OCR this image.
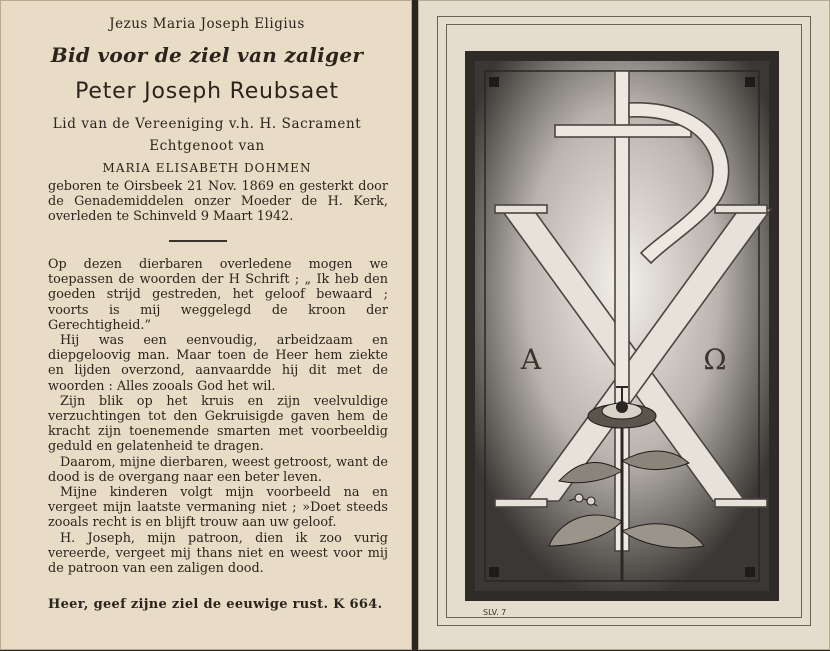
Jezus Maria Joseph Eligius
Bid voor de ziel van zaliger
Peter Joseph Reubsaet
Lid van de Vereeniging v.h. H. Sacrament
Echtgenoot van
MARIA ELISABETH DOHMEN
geboren te Oirsbeek 21 Nov. 1869 en gesterkt door de Genademiddelen onzer Moeder de H. Kerk, overleden te Schinveld 9 Maart 1942.

Op dezen dierbaren overledene mogen we toepassen de woorden der H Schrift ; „ Ik heb den goeden strijd gestreden, het geloof bewaard ; voorts is mij weggelegd de kroon der Gerechtigheid.”

Hij was een eenvoudig, arbeidzaam en diepgeloovig man. Maar toen de Heer hem ziekte en lijden overzond, aanvaardde hij dit met de woorden : Alles zooals God het wil.

Zijn blik op het kruis en zijn veelvuldige verzuchtingen tot den Gekruisigde gaven hem de kracht zijn toenemende smarten met voorbeeldig geduld en gelatenheid te dragen.

Daarom, mijne dierbaren, weest getroost, want de dood is de overgang naar een beter leven.

Mijne kinderen volgt mijn voorbeeld na en vergeet mijn laatste vermaning niet ; »Doet steeds zooals recht is en blijft trouw aan uw geloof.

H. Joseph, mijn patroon, dien ik zoo vurig vereerde, vergeet mij thans niet en weest voor mij de patroon van een zaligen dood.

Heer, geef zijne ziel de eeuwige rust. K 664.
A	Ω
SLV. 7
